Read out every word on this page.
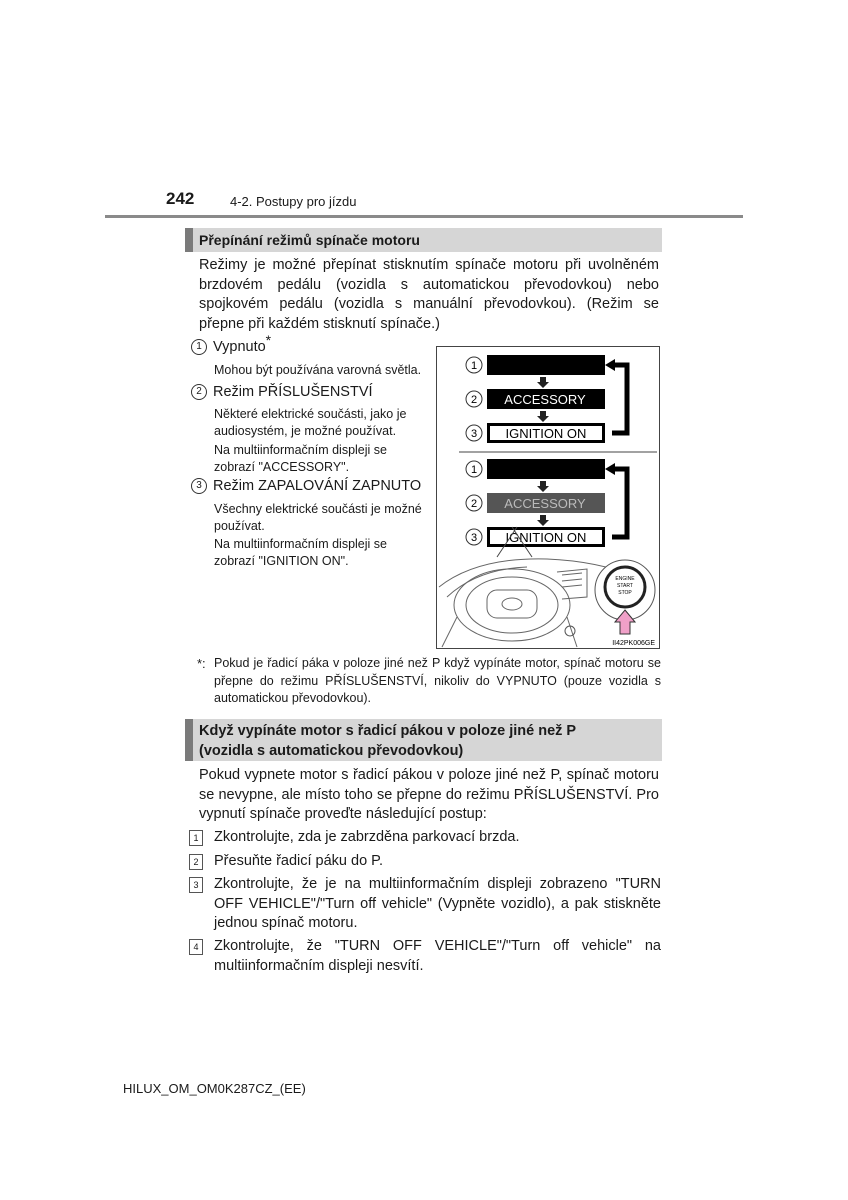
242	4-2. Postupy pro jízdu
Přepínání režimů spínače motoru
Režimy je možné přepínat stisknutím spínače motoru při uvolněném brzdovém pedálu (vozidla s automatickou převodovkou) nebo spojkovém pedálu (vozidla s manuální převodovkou). (Režim se přepne při každém stisknutí spínače.)
1 Vypnuto*
Mohou být používána varovná světla.
2 Režim PŘÍSLUŠENSTVÍ
Některé elektrické součásti, jako je audiosystém, je možné používat.
Na multiinformačním displeji se zobrazí "ACCESSORY".
3 Režim ZAPALOVÁNÍ ZAPNUTO
Všechny elektrické součásti je možné používat.
Na multiinformačním displeji se zobrazí "IGNITION ON".
1
2 ACCESSORY
3 IGNITION ON
1
2 ACCESSORY
3 IGNITION ON
ENGINE
START
STOP
II42PK006GE
*: Pokud je řadicí páka v poloze jiné než P když vypínáte motor, spínač motoru se přepne do režimu PŘÍSLUŠENSTVÍ, nikoliv do VYPNUTO (pouze vozidla s automatickou převodovkou).
Když vypínáte motor s řadicí pákou v poloze jiné než P
(vozidla s automatickou převodovkou)
Pokud vypnete motor s řadicí pákou v poloze jiné než P, spínač motoru se nevypne, ale místo toho se přepne do režimu PŘÍSLUŠENSTVÍ. Pro vypnutí spínače proveďte následující postup:
1	Zkontrolujte, zda je zabrzděna parkovací brzda.
2	Přesuňte řadicí páku do P.
3	Zkontrolujte, že je na multiinformačním displeji zobrazeno "TURN OFF VEHICLE"/"Turn off vehicle" (Vypněte vozidlo), a pak stiskněte jednou spínač motoru.
4	Zkontrolujte, že "TURN OFF VEHICLE"/"Turn off vehicle" na multiinformačním displeji nesvítí.
HILUX_OM_OM0K287CZ_(EE)
